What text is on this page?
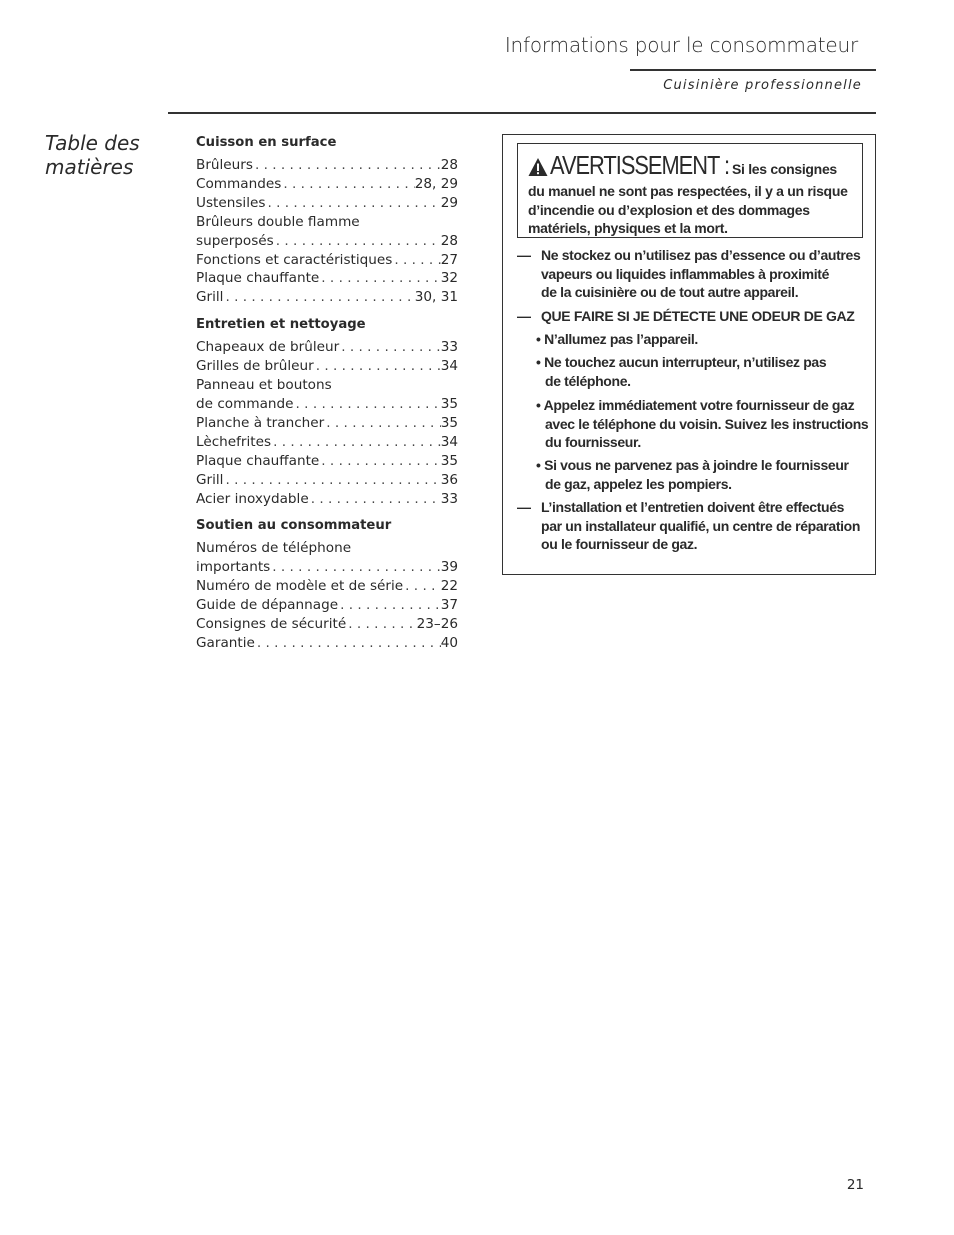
Informations pour le consommateur
Cuisinière professionnelle
Table des
matières
Cuisson en surface
Brûleurs . . .	28
Commandes . . .	28, 29
Ustensiles . . .	29
Brûleurs double flamme
superposés . . .	28
Fonctions et caractéristiques . . .	27
Plaque chauffante . . .	32
Grill . . .	30, 31
Entretien et nettoyage
Chapeaux de brûleur . . .	33
Grilles de brûleur . . .	34
Panneau et boutons
de commande . . .	35
Planche à trancher . . .	35
Lèchefrites . . .	34
Plaque chauffante . . .	35
Grill . . .	36
Acier inoxydable . . .	33
Soutien au consommateur
Numéros de téléphone
importants . . .	39
Numéro de modèle et de série . . .	22
Guide de dépannage . . .	37
Consignes de sécurité . . .	23–26
Garantie . . .	40
AVERTISSEMENT : Si les consignes
du manuel ne sont pas respectées, il y a un risque
d’incendie ou d’explosion et des dommages
matériels, physiques et la mort.
— Ne stockez ou n’utilisez pas d’essence ou d’autres
vapeurs ou liquides inflammables à proximité
de la cuisinière ou de tout autre appareil.
— QUE FAIRE SI JE DÉTECTE UNE ODEUR DE GAZ
• N’allumez pas l’appareil.
• Ne touchez aucun interrupteur, n’utilisez pas
de téléphone.
• Appelez immédiatement votre fournisseur de gaz
avec le téléphone du voisin. Suivez les instructions
du fournisseur.
• Si vous ne parvenez pas à joindre le fournisseur
de gaz, appelez les pompiers.
— L’installation et l’entretien doivent être effectués
par un installateur qualifié, un centre de réparation
ou le fournisseur de gaz.
21
